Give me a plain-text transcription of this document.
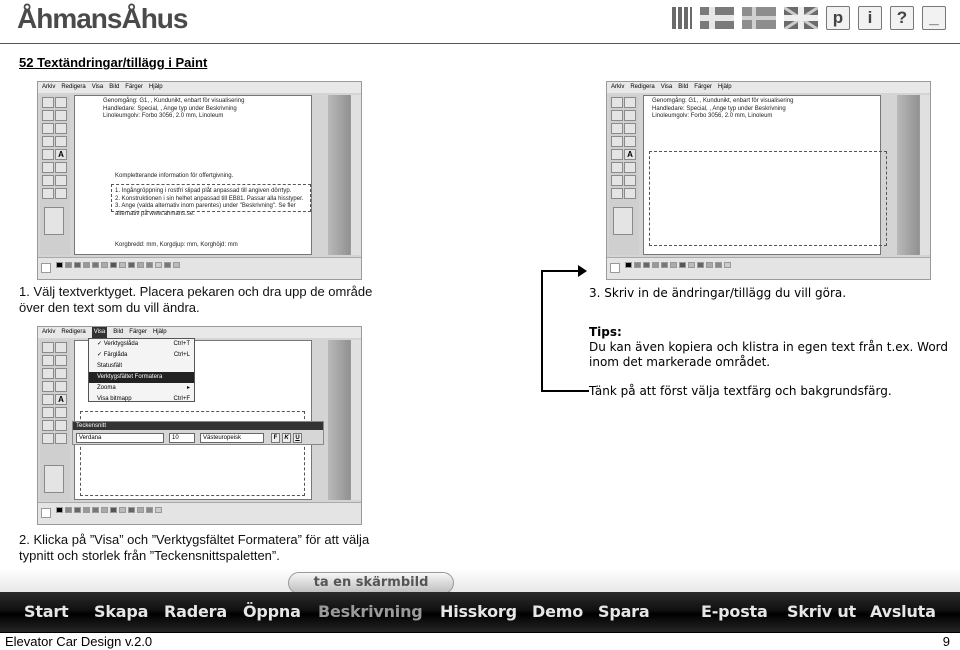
ÅhmansÅhus	p	i	?	_
52 Textändringar/tillägg i Paint
Arkiv Redigera Visa Bild Färger Hjälp
A
Genomgång: G1, , Kundunikt, enbart för visualisering
Handledare: Special, , Ange typ under Beskrivning
Linoleumgolv: Forbo 3056, 2.0 mm, Linoleum
Kompletterande information för offertgivning.

1. Ingångröppning i rostfri slipad plåt anpassad till angiven dörrtyp.
2. Konstruktionen i sin helhet anpassad till EB81. Passar alla hisstyper.
3. Ange (valda alternativ inom parentes) under "Beskrivning". Se fler
alternativ på www.ahmans.se.
Korgbredd: mm, Korgdjup: mm, Korghöjd: mm
1. Välj textverktyget. Placera pekaren och dra upp de område
över den text som du vill ändra.
Arkiv Redigera	Visa	Bild Färger Hjälp
A
✓ Verktygslåda	Ctrl+T
✓ Färglåda	Ctrl+L
Statusfält
Verktygsfältet Formatera
Zooma	▸
Visa bitmapp	Ctrl+F
Teckensnitt
Verdana	10	Västeuropeisk	F	K	U
2. Klicka på ”Visa” och ”Verktygsfältet Formatera” för att välja
typnitt och storlek från ”Teckensnittspaletten”.
Arkiv Redigera Visa Bild Färger Hjälp
A
Genomgång: G1, , Kundunikt, enbart för visualisering
Handledare: Special, , Ange typ under Beskrivning
Linoleumgolv: Forbo 3056, 2.0 mm, Linoleum
3. Skriv in de ändringar/tillägg du vill göra.
Tips:
Du kan även kopiera och klistra in egen text från t.ex. Word
inom det markerade området.
Tänk på att först välja textfärg och bakgrundsfärg.
ta en skärmbild
Start Skapa Radera Öppna Beskrivning Hisskorg Demo Spara	E-posta Skriv ut Avsluta
Elevator Car Design v.2.0	9
